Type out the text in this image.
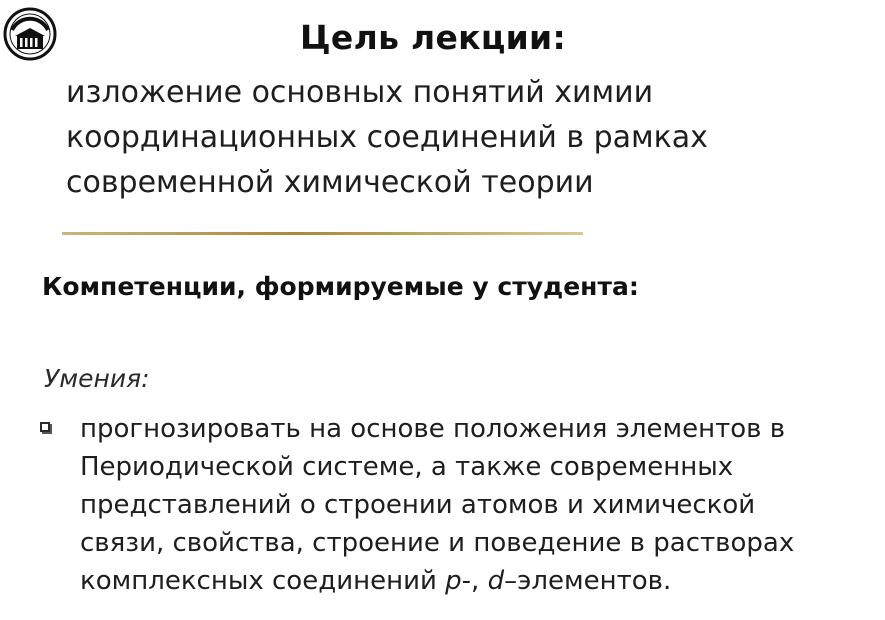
Цель лекции:
изложение основных понятий химии
координационных соединений в рамках
современной химической теории
Компетенции, формируемые у студента:
Умения:
прогнозировать на основе положения элементов в
Периодической системе, а также современных
представлений о строении атомов и химической
связи, свойства, строение и поведение в растворах
комплексных соединений р-, d–элементов.
